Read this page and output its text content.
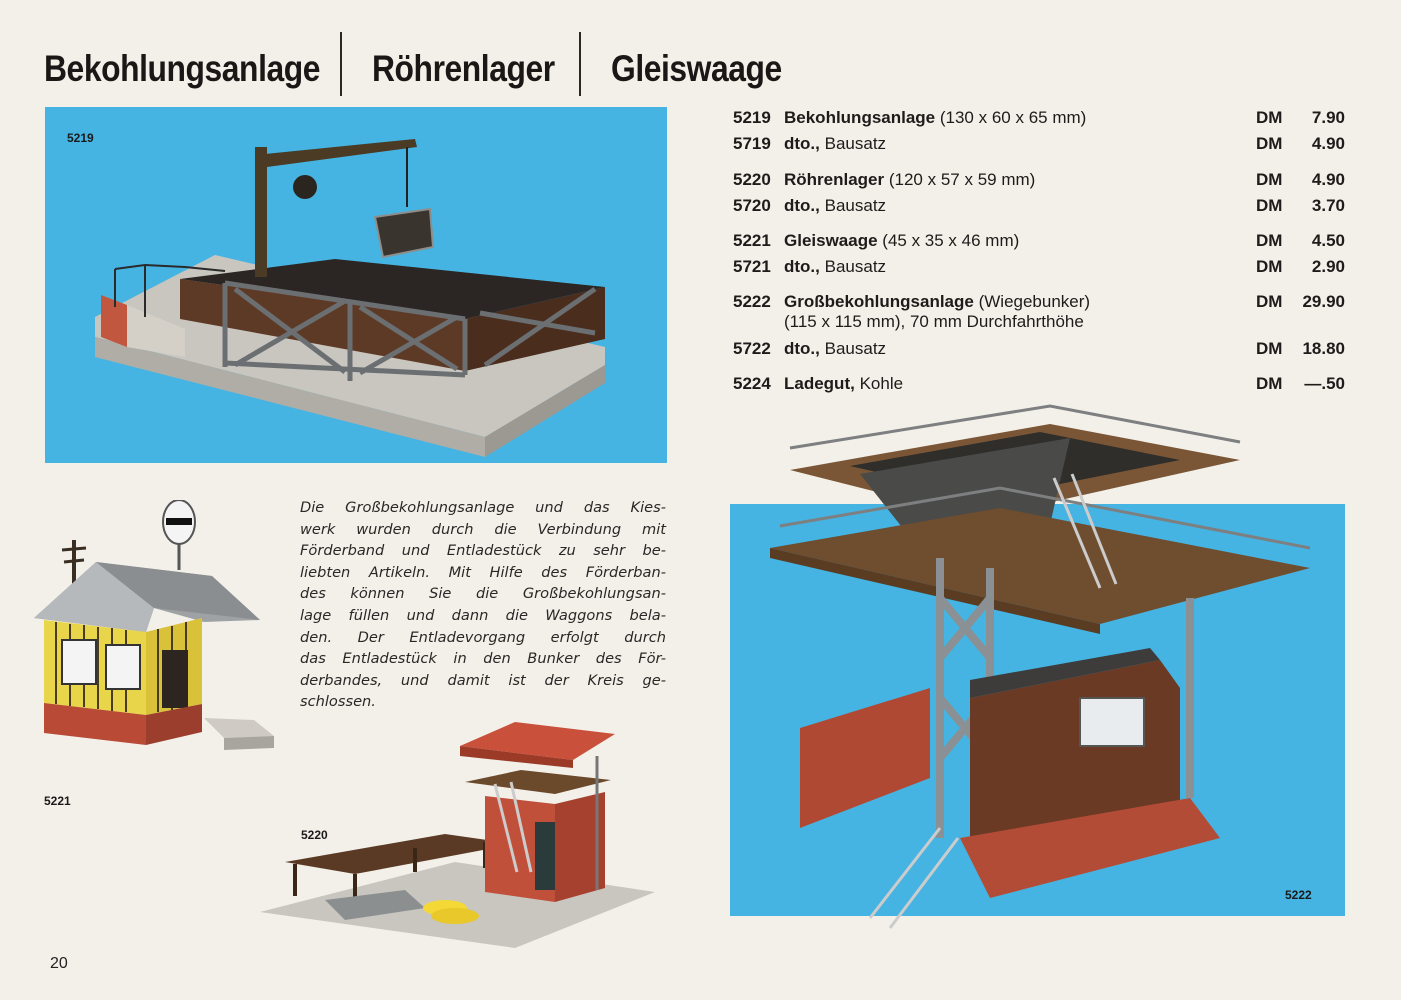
Bekohlungsanlage Röhrenlager Gleiswaage
5219
5219 Bekohlungsanlage (130 x 60 x 65 mm)	DM 7.90
5719 dto., Bausatz	DM 4.90
5220 Röhrenlager (120 x 57 x 59 mm)	DM 4.90
5720 dto., Bausatz	DM 3.70
5221 Gleiswaage (45 x 35 x 46 mm)	DM 4.50
5721 dto., Bausatz	DM 2.90
5222 Großbekohlungsanlage (Wiegebunker)
(115 x 115 mm), 70 mm Durchfahrthöhe
DM 29.90
5722 dto., Bausatz	DM 18.80
5224 Ladegut, Kohle	DM —.50
5221
Die Großbekohlungsanlage und das Kies-
werk wurden durch die Verbindung mit
Förderband und Entladestück zu sehr be-
liebten Artikeln. Mit Hilfe des Förderban-
des können Sie die Großbekohlungsan-
lage füllen und dann die Waggons bela-
den. Der Entladevorgang erfolgt durch
das Entladestück in den Bunker des För-
derbandes, und damit ist der Kreis ge-
schlossen.
5220
5222
20
